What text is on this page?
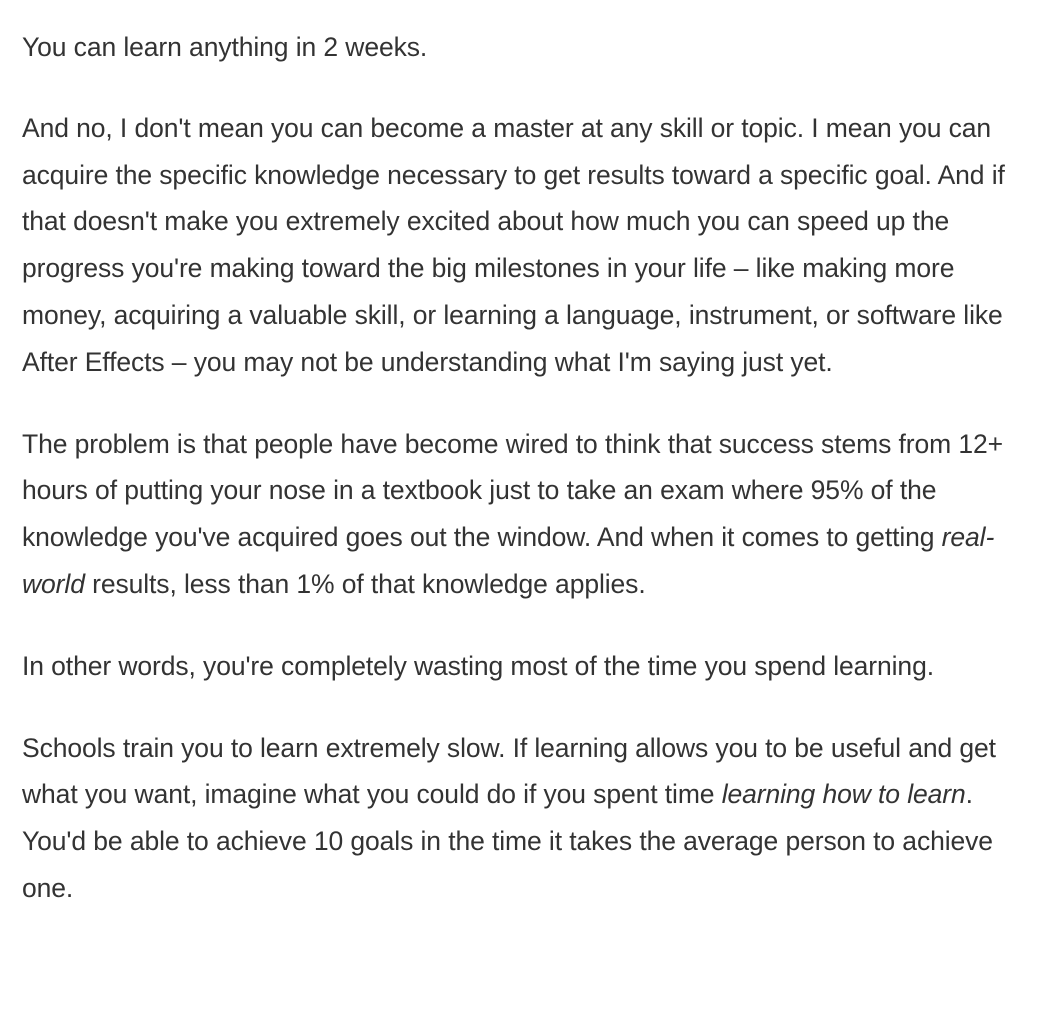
You can learn anything in 2 weeks.

And no, I don't mean you can become a master at any skill or topic. I mean you can acquire the specific knowledge necessary to get results toward a specific goal. And if that doesn't make you extremely excited about how much you can speed up the progress you're making toward the big milestones in your life – like making more money, acquiring a valuable skill, or learning a language, instrument, or software like After Effects – you may not be understanding what I'm saying just yet.

The problem is that people have become wired to think that success stems from 12+ hours of putting your nose in a textbook just to take an exam where 95% of the knowledge you've acquired goes out the window. And when it comes to getting real-world results, less than 1% of that knowledge applies.

In other words, you're completely wasting most of the time you spend learning.

Schools train you to learn extremely slow. If learning allows you to be useful and get what you want, imagine what you could do if you spent time learning how to learn. You'd be able to achieve 10 goals in the time it takes the average person to achieve one.
